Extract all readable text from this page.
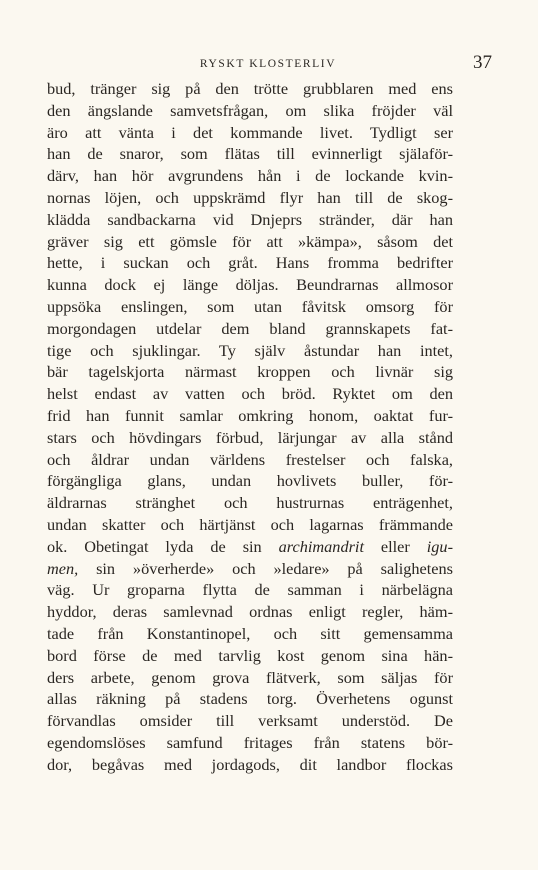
RYSKT KLOSTERLIV	37
bud, tränger sig på den trötte grubblaren med ens
den ängslande samvetsfrågan, om slika fröjder väl
äro att vänta i det kommande livet. Tydligt ser
han de snaror, som flätas till evinnerligt själaför-
därv, han hör avgrundens hån i de lockande kvin-
nornas löjen, och uppskrämd flyr han till de skog-
klädda sandbackarna vid Dnjeprs stränder, där han
gräver sig ett gömsle för att »kämpa», såsom det
hette, i suckan och gråt. Hans fromma bedrifter
kunna dock ej länge döljas. Beundrarnas allmosor
uppsöka enslingen, som utan fåvitsk omsorg för
morgondagen utdelar dem bland grannskapets fat-
tige och sjuklingar. Ty själv åstundar han intet,
bär tagelskjorta närmast kroppen och livnär sig
helst endast av vatten och bröd. Ryktet om den
frid han funnit samlar omkring honom, oaktat fur-
stars och hövdingars förbud, lärjungar av alla stånd
och åldrar undan världens frestelser och falska,
förgängliga glans, undan hovlivets buller, för-
äldrarnas stränghet och hustrurnas enträgenhet,
undan skatter och härtjänst och lagarnas främmande
ok. Obetingat lyda de sin archimandrit eller igu-
men, sin »överherde» och »ledare» på salighetens
väg. Ur groparna flytta de samman i närbelägna
hyddor, deras samlevnad ordnas enligt regler, häm-
tade från Konstantinopel, och sitt gemensamma
bord förse de med tarvlig kost genom sina hän-
ders arbete, genom grova flätverk, som säljas för
allas räkning på stadens torg. Överhetens ogunst
förvandlas omsider till verksamt understöd. De
egendomslöses samfund fritages från statens bör-
dor, begåvas med jordagods, dit landbor flockas
